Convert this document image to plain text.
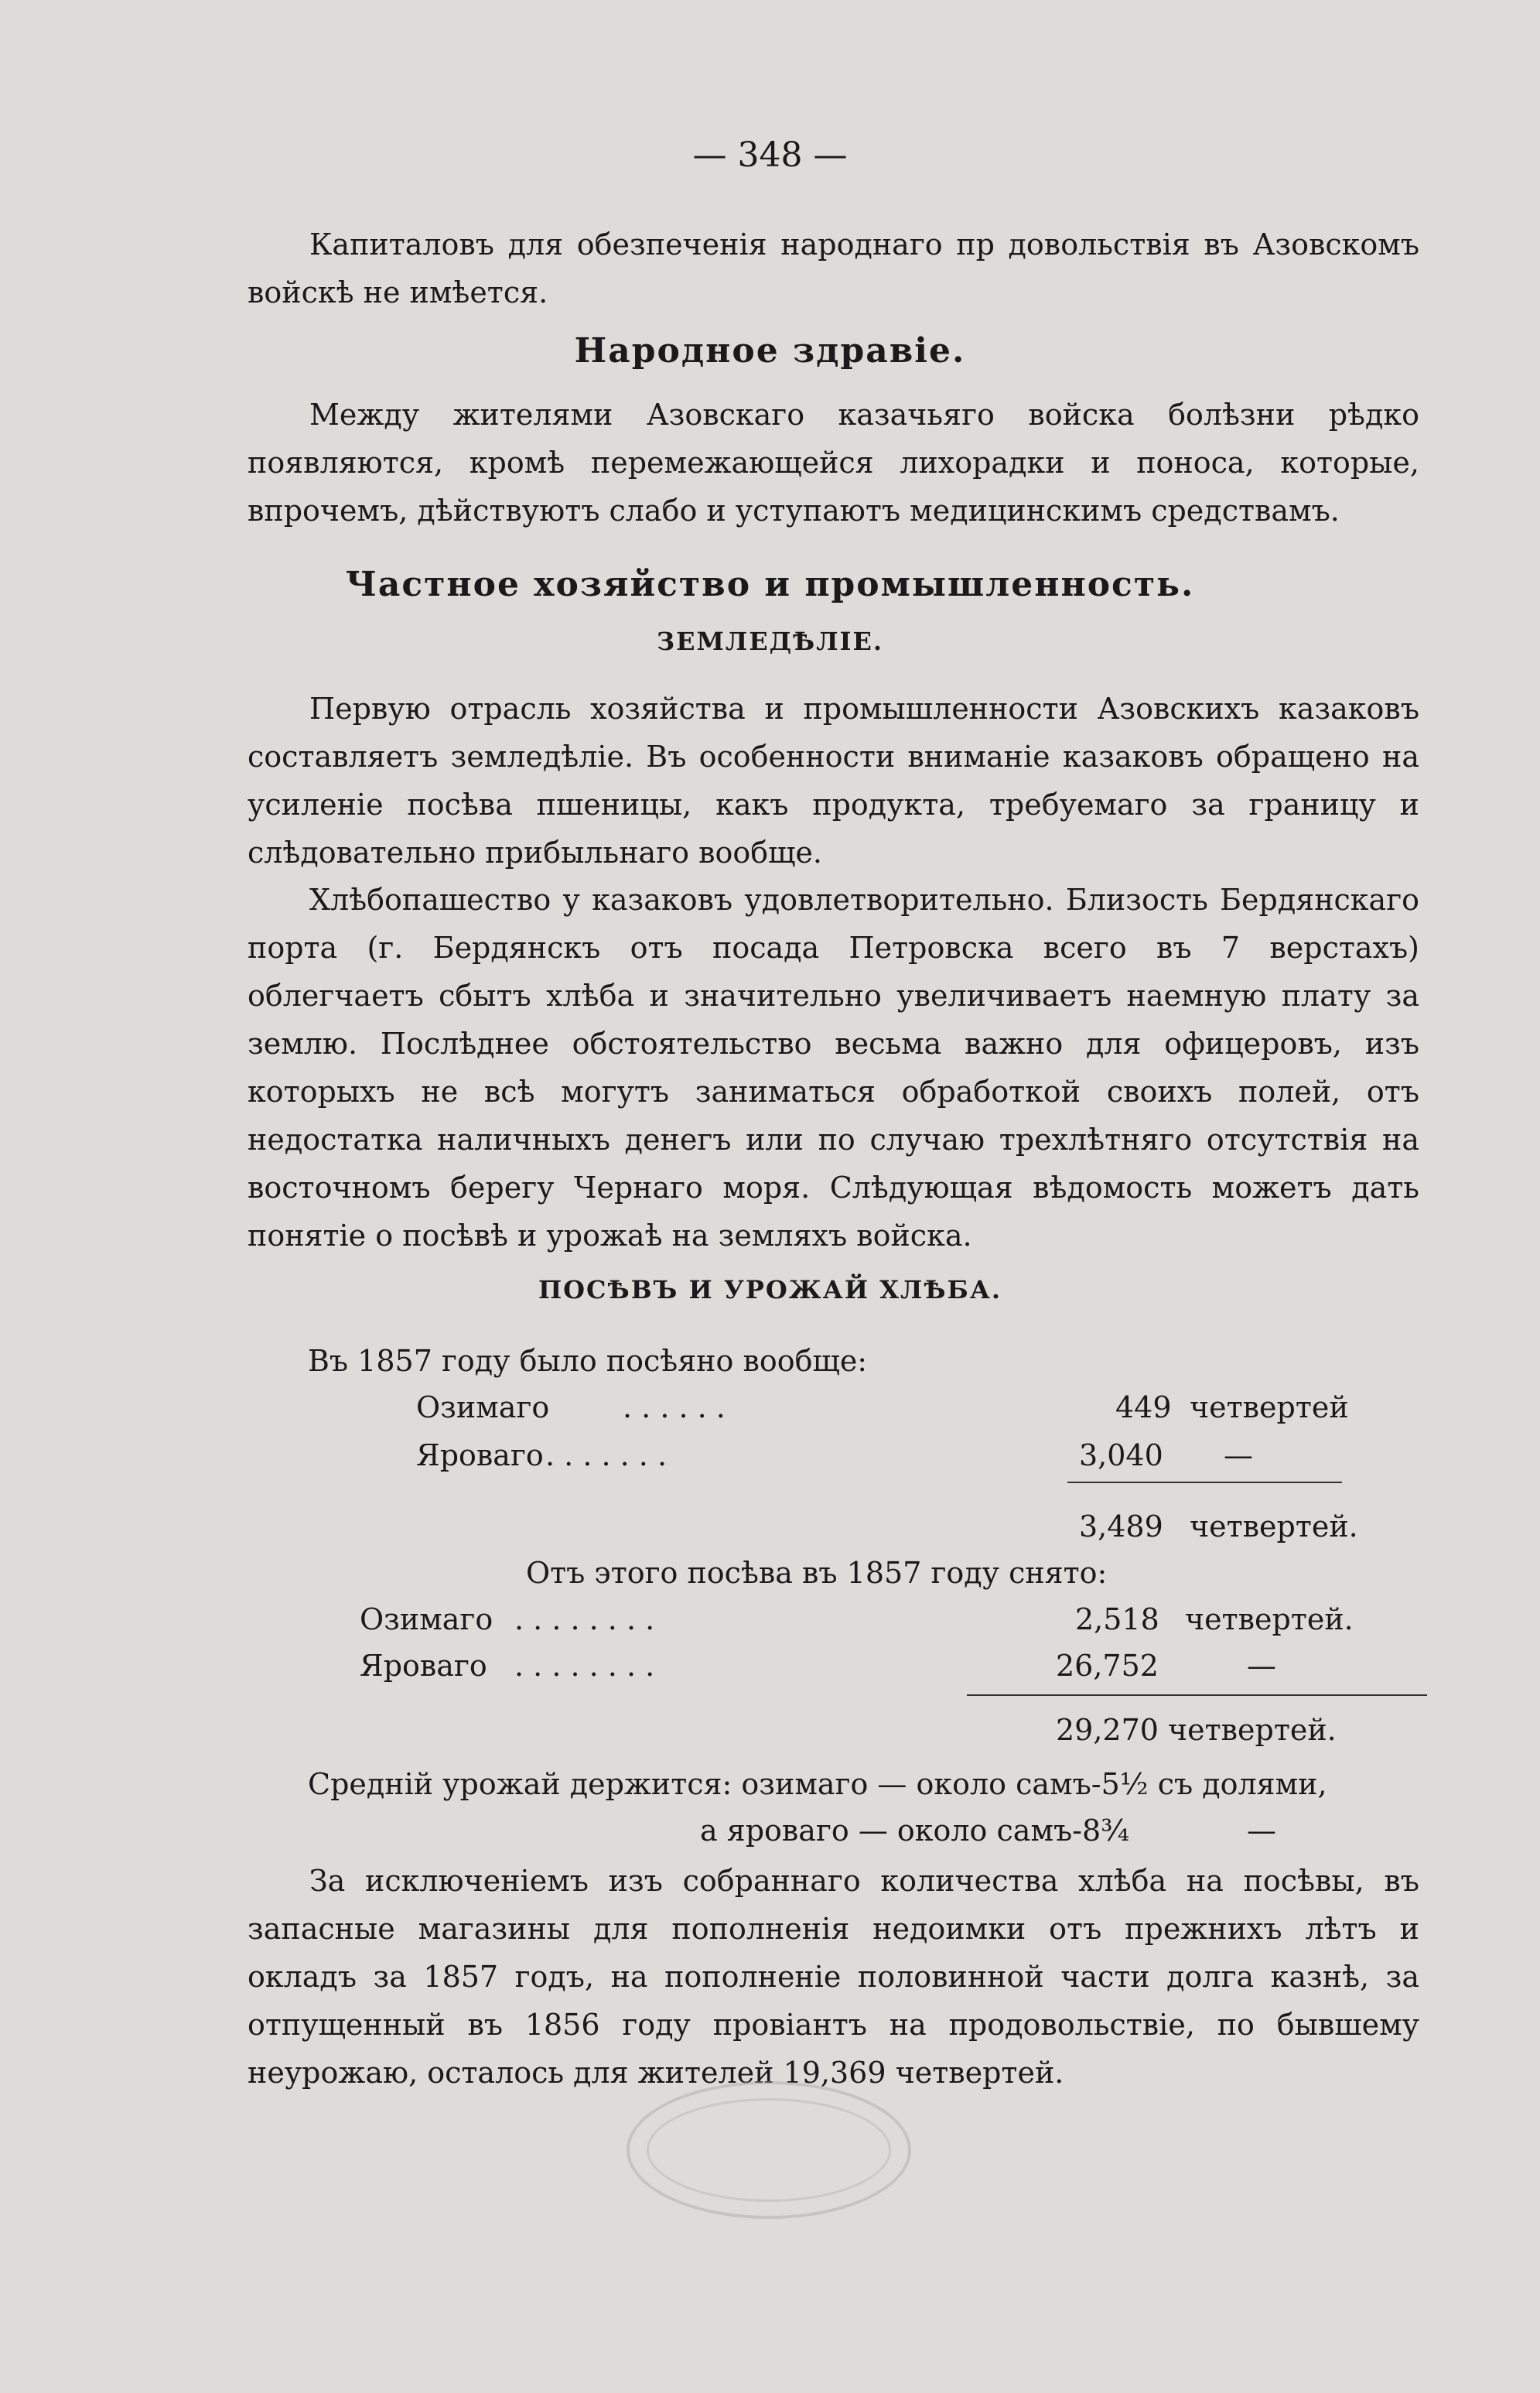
— 348 —

Капиталовъ для обезпеченія народнаго пр довольствія въ Азовскомъ войскѣ не имѣется.

Народное здравіе.

Между жителями Азовскаго казачьяго войска болѣзни рѣдко появляются, кромѣ перемежающейся лихорадки и поноса, которые, впрочемъ, дѣйствуютъ слабо и уступаютъ медицинскимъ средствамъ.

Частное хозяйство и промышленность.

ЗЕМЛЕДѢЛІЕ.

Первую отрасль хозяйства и промышленности Азовскихъ казаковъ составляетъ земледѣліе. Въ особенности вниманіе казаковъ обращено на усиленіе посѣва пшеницы, какъ продукта, требуемаго за границу и слѣдовательно прибыльнаго вообще.

Хлѣбопашество у казаковъ удовлетворительно. Близость Бердянскаго порта (г. Бердянскъ отъ посада Петровска всего въ 7 верстахъ) облегчаетъ сбытъ хлѣба и значительно увеличиваетъ наемную плату за землю. Послѣднее обстоятельство весьма важно для офицеровъ, изъ которыхъ не всѣ могутъ заниматься обработкой своихъ полей, отъ недостатка наличныхъ денегъ или по случаю трехлѣтняго отсутствія на восточномъ берегу Чернаго моря. Слѣдующая вѣдомость можетъ дать понятіе о посѣвѣ и урожаѣ на земляхъ войска.

ПОСѢВЪ И УРОЖАЙ ХЛѢБА.

Въ 1857 году было посѣяно вообще:

Озимаго . . . . . .	449 четвертей

Яроваго . . . . . . .	3,040 —

3,489 четвертей.

Отъ этого посѣва въ 1857 году снято:

Озимаго . . . . . . . .	2,518 четвертей.

Яроваго . . . . . . . .	26,752	—

29,270 четвертей.

Среднiй урожай держится: озимаго — около самъ-5½ съ долями,

а яроваго — около самъ-8¾	—

За исключеніемъ изъ собраннаго количества хлѣба на посѣвы, въ запасные магазины для пополненія недоимки отъ прежнихъ лѣтъ и окладъ за 1857 годъ, на пополненіе половинной части долга казнѣ, за отпущенный въ 1856 году провіантъ на продовольствіе, по бывшему неурожаю, осталось для жителей 19,369 четвертей.
